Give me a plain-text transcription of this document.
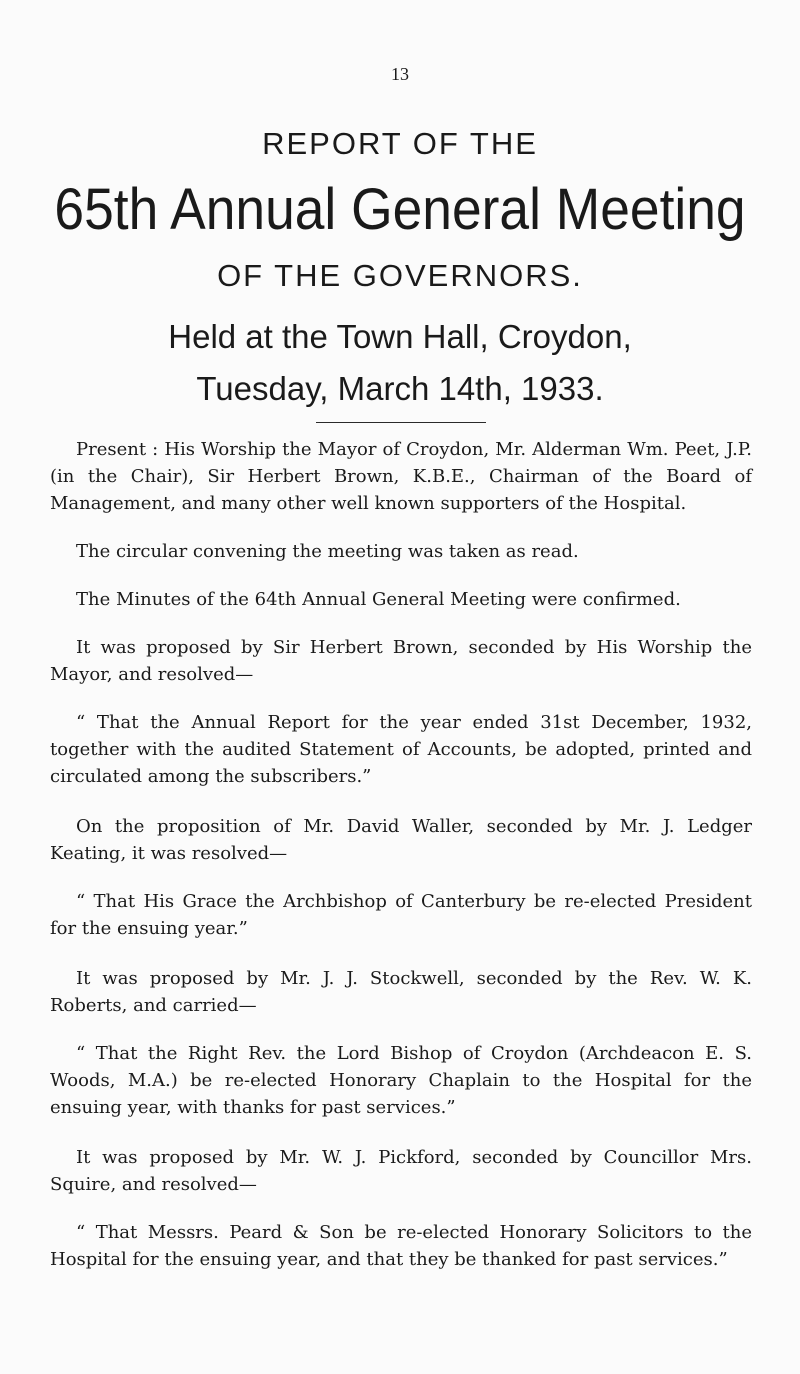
13
REPORT OF THE
65th Annual General Meeting
OF THE GOVERNORS.
Held at the Town Hall, Croydon,
Tuesday, March 14th, 1933.

Present : His Worship the Mayor of Croydon, Mr. Alderman Wm. Peet, J.P. (in the Chair), Sir Herbert Brown, K.B.E., Chairman of the Board of Management, and many other well known supporters of the Hospital.

The circular convening the meeting was taken as read.

The Minutes of the 64th Annual General Meeting were confirmed.

It was proposed by Sir Herbert Brown, seconded by His Worship the Mayor, and resolved—

“ That the Annual Report for the year ended 31st December, 1932, together with the audited Statement of Accounts, be adopted, printed and circulated among the subscribers.”

On the proposition of Mr. David Waller, seconded by Mr. J. Ledger Keating, it was resolved—

“ That His Grace the Archbishop of Canterbury be re-elected President for the ensuing year.”

It was proposed by Mr. J. J. Stockwell, seconded by the Rev. W. K. Roberts, and carried—

“ That the Right Rev. the Lord Bishop of Croydon (Archdeacon E. S. Woods, M.A.) be re-elected Honorary Chaplain to the Hospital for the ensuing year, with thanks for past services.”

It was proposed by Mr. W. J. Pickford, seconded by Councillor Mrs. Squire, and resolved—

“ That Messrs. Peard & Son be re-elected Honorary Solicitors to the Hospital for the ensuing year, and that they be thanked for past services.”
